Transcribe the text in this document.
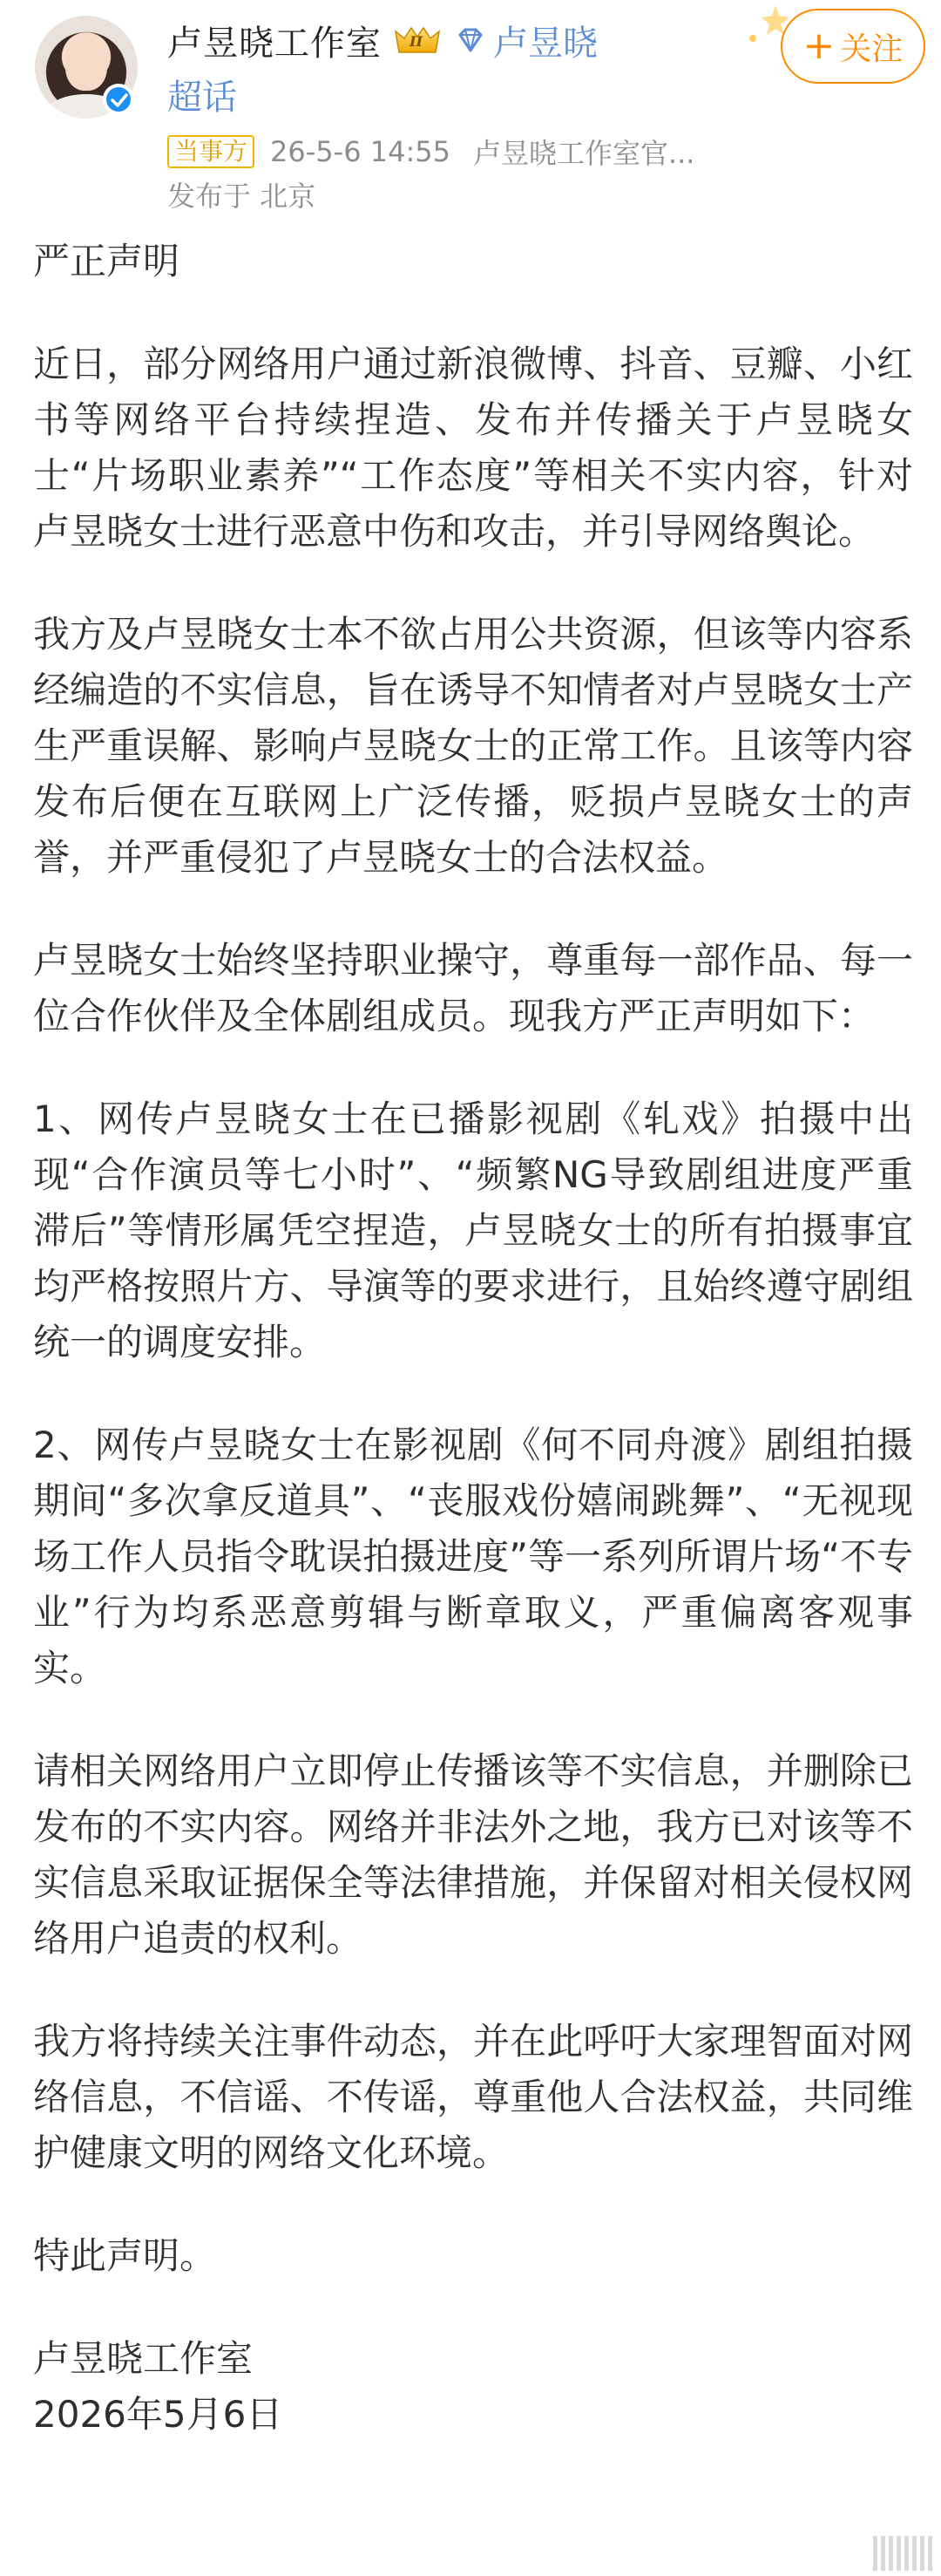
卢昱晓工作室 II 卢昱晓
超话
+ 关注
当事方 26-5-6 14:55 卢昱晓工作室官...
发布于 北京

严正声明

近日，部分网络用户通过新浪微博、抖音、豆瓣、小红书等网络平台持续捏造、发布并传播关于卢昱晓女士“片场职业素养”“工作态度”等相关不实内容，针对卢昱晓女士进行恶意中伤和攻击，并引导网络舆论。

我方及卢昱晓女士本不欲占用公共资源，但该等内容系经编造的不实信息，旨在诱导不知情者对卢昱晓女士产生严重误解、影响卢昱晓女士的正常工作。且该等内容发布后便在互联网上广泛传播，贬损卢昱晓女士的声誉，并严重侵犯了卢昱晓女士的合法权益。

卢昱晓女士始终坚持职业操守，尊重每一部作品、每一位合作伙伴及全体剧组成员。现我方严正声明如下：

1、网传卢昱晓女士在已播影视剧《轧戏》拍摄中出现“合作演员等七小时”、“频繁NG导致剧组进度严重滞后”等情形属凭空捏造，卢昱晓女士的所有拍摄事宜均严格按照片方、导演等的要求进行，且始终遵守剧组统一的调度安排。

2、网传卢昱晓女士在影视剧《何不同舟渡》剧组拍摄期间“多次拿反道具”、“丧服戏份嬉闹跳舞”、“无视现场工作人员指令耽误拍摄进度”等一系列所谓片场“不专业”行为均系恶意剪辑与断章取义，严重偏离客观事实。

请相关网络用户立即停止传播该等不实信息，并删除已发布的不实内容。网络并非法外之地，我方已对该等不实信息采取证据保全等法律措施，并保留对相关侵权网络用户追责的权利。

我方将持续关注事件动态，并在此呼吁大家理智面对网络信息，不信谣、不传谣，尊重他人合法权益，共同维护健康文明的网络文化环境。

特此声明。

卢昱晓工作室

2026年5月6日
